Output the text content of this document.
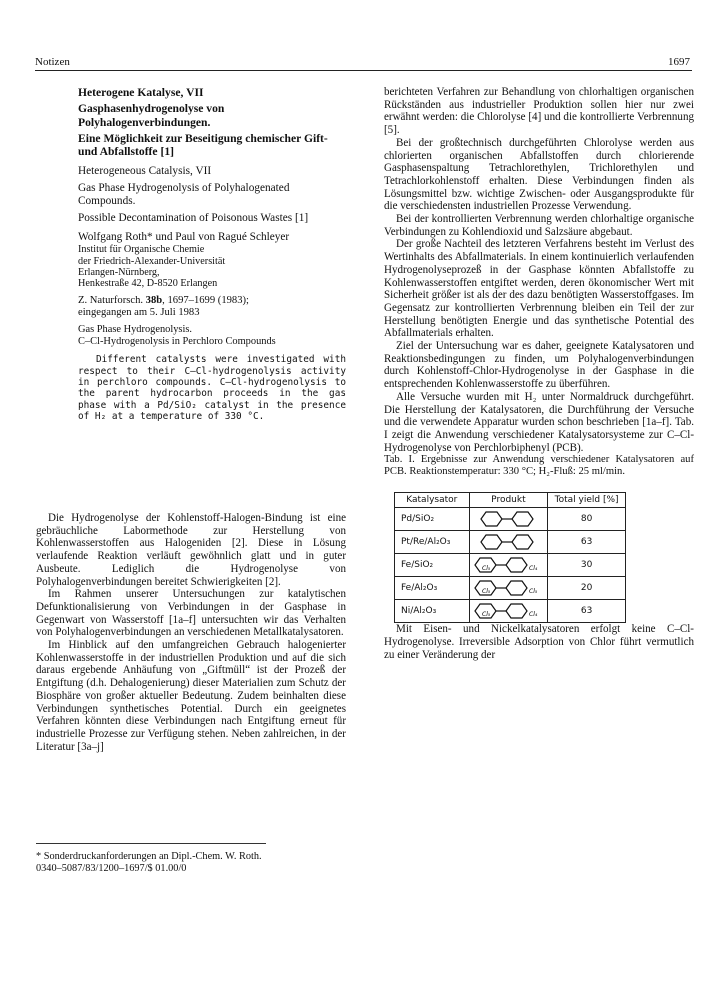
Notizen	1697

Heterogene Katalyse, VII

Gasphasenhydrogenolyse von Polyhalogenverbindungen.

Eine Möglichkeit zur Beseitigung chemischer Gift- und Abfallstoffe [1]

Heterogeneous Catalysis, VII

Gas Phase Hydrogenolysis of Polyhalogenated Compounds.

Possible Decontamination of Poisonous Wastes [1]

Wolfgang Roth* und Paul von Ragué Schleyer

Institut für Organische Chemie
der Friedrich-Alexander-Universität
Erlangen-Nürnberg,
Henkestraße 42, D-8520 Erlangen
Z. Naturforsch. 38b, 1697–1699 (1983);
eingegangen am 5. Juli 1983
Gas Phase Hydrogenolysis.
C–Cl-Hydrogenolysis in Perchloro Compounds

Different catalysts were investigated with respect to their C–Cl-hydrogenolysis activity in perchloro compounds. C–Cl-hydrogenolysis to the parent hydrocarbon proceeds in the gas phase with a Pd/SiO₂ catalyst in the presence of H₂ at a temperature of 330 °C.

Die Hydrogenolyse der Kohlenstoff-Halogen-Bindung ist eine gebräuchliche Labormethode zur Herstellung von Kohlenwasserstoffen aus Halogeniden [2]. Diese in Lösung verlaufende Reaktion verläuft gewöhnlich glatt und in guter Ausbeute. Lediglich die Hydrogenolyse von Polyhalogenverbindungen bereitet Schwierigkeiten [2].

Im Rahmen unserer Untersuchungen zur katalytischen Defunktionalisierung von Verbindungen in der Gasphase in Gegenwart von Wasserstoff [1a–f] untersuchten wir das Verhalten von Polyhalogenverbindungen an verschiedenen Metallkatalysatoren.

Im Hinblick auf den umfangreichen Gebrauch halogenierter Kohlenwasserstoffe in der industriellen Produktion und auf die sich daraus ergebende Anhäufung von „Giftmüll“ ist der Prozeß der Entgiftung (d.h. Dehalogenierung) dieser Materialien zum Schutz der Biosphäre von großer aktueller Bedeutung. Zudem beinhalten diese Verbindungen synthetisches Potential. Durch ein geeignetes Verfahren könnten diese Verbindungen nach Entgiftung erneut für industrielle Prozesse zur Verfügung stehen. Neben zahlreichen, in der Literatur [3a–j]

* Sonderdruckanforderungen an Dipl.-Chem. W. Roth.
0340–5087/83/1200–1697/$ 01.00/0

berichteten Verfahren zur Behandlung von chlorhaltigen organischen Rückständen aus industrieller Produktion sollen hier nur zwei erwähnt werden: die Chlorolyse [4] und die kontrollierte Verbrennung [5].

Bei der großtechnisch durchgeführten Chlorolyse werden aus chlorierten organischen Abfallstoffen durch chlorierende Gasphasenspaltung Tetrachlorethylen, Trichlorethylen und Tetrachlorkohlenstoff erhalten. Diese Verbindungen finden als Lösungsmittel bzw. wichtige Zwischen- oder Ausgangsprodukte für die verschiedensten industriellen Prozesse Verwendung.

Bei der kontrollierten Verbrennung werden chlorhaltige organische Verbindungen zu Kohlendioxid und Salzsäure abgebaut.

Der große Nachteil des letzteren Verfahrens besteht im Verlust des Wertinhalts des Abfallmaterials. In einem kontinuierlich verlaufenden Hydrogenolyseprozeß in der Gasphase könnten Abfallstoffe zu Kohlenwasserstoffen entgiftet werden, deren ökonomischer Wert mit Sicherheit größer ist als der des dazu benötigten Wasserstoffgases. Im Gegensatz zur kontrollierten Verbrennung bleiben ein Teil der zur Herstellung benötigten Energie und das synthetische Potential des Abfallmaterials erhalten.

Ziel der Untersuchung war es daher, geeignete Katalysatoren und Reaktionsbedingungen zu finden, um Polyhalogenverbindungen durch Kohlenstoff-Chlor-Hydrogenolyse in der Gasphase in die entsprechenden Kohlenwasserstoffe zu überführen.

Alle Versuche wurden mit H₂ unter Normaldruck durchgeführt. Die Herstellung der Katalysatoren, die Durchführung der Versuche und die verwendete Apparatur wurden schon beschrieben [1a–f]. Tab. I zeigt die Anwendung verschiedener Katalysatorsysteme zur C–Cl-Hydrogenolyse von Perchlorbiphenyl (PCB).

Tab. I. Ergebnisse zur Anwendung verschiedener Katalysatoren auf PCB. Reaktionstemperatur: 330 °C; H₂-Fluß: 25 ml/min.

Katalysator	Produkt	Total yield [%]
Pd/SiO₂		80
Pt/Re/Al₂O₃		63
Fe/SiO₂	Cl₅ Cl₄	30
Fe/Al₂O₃	Cl₅ Cl₅	20
Ni/Al₂O₃	Cl₅ Cl₄	63

Mit Eisen- und Nickelkatalysatoren erfolgt keine C–Cl-Hydrogenolyse. Irreversible Adsorption von Chlor führt vermutlich zu einer Veränderung der
